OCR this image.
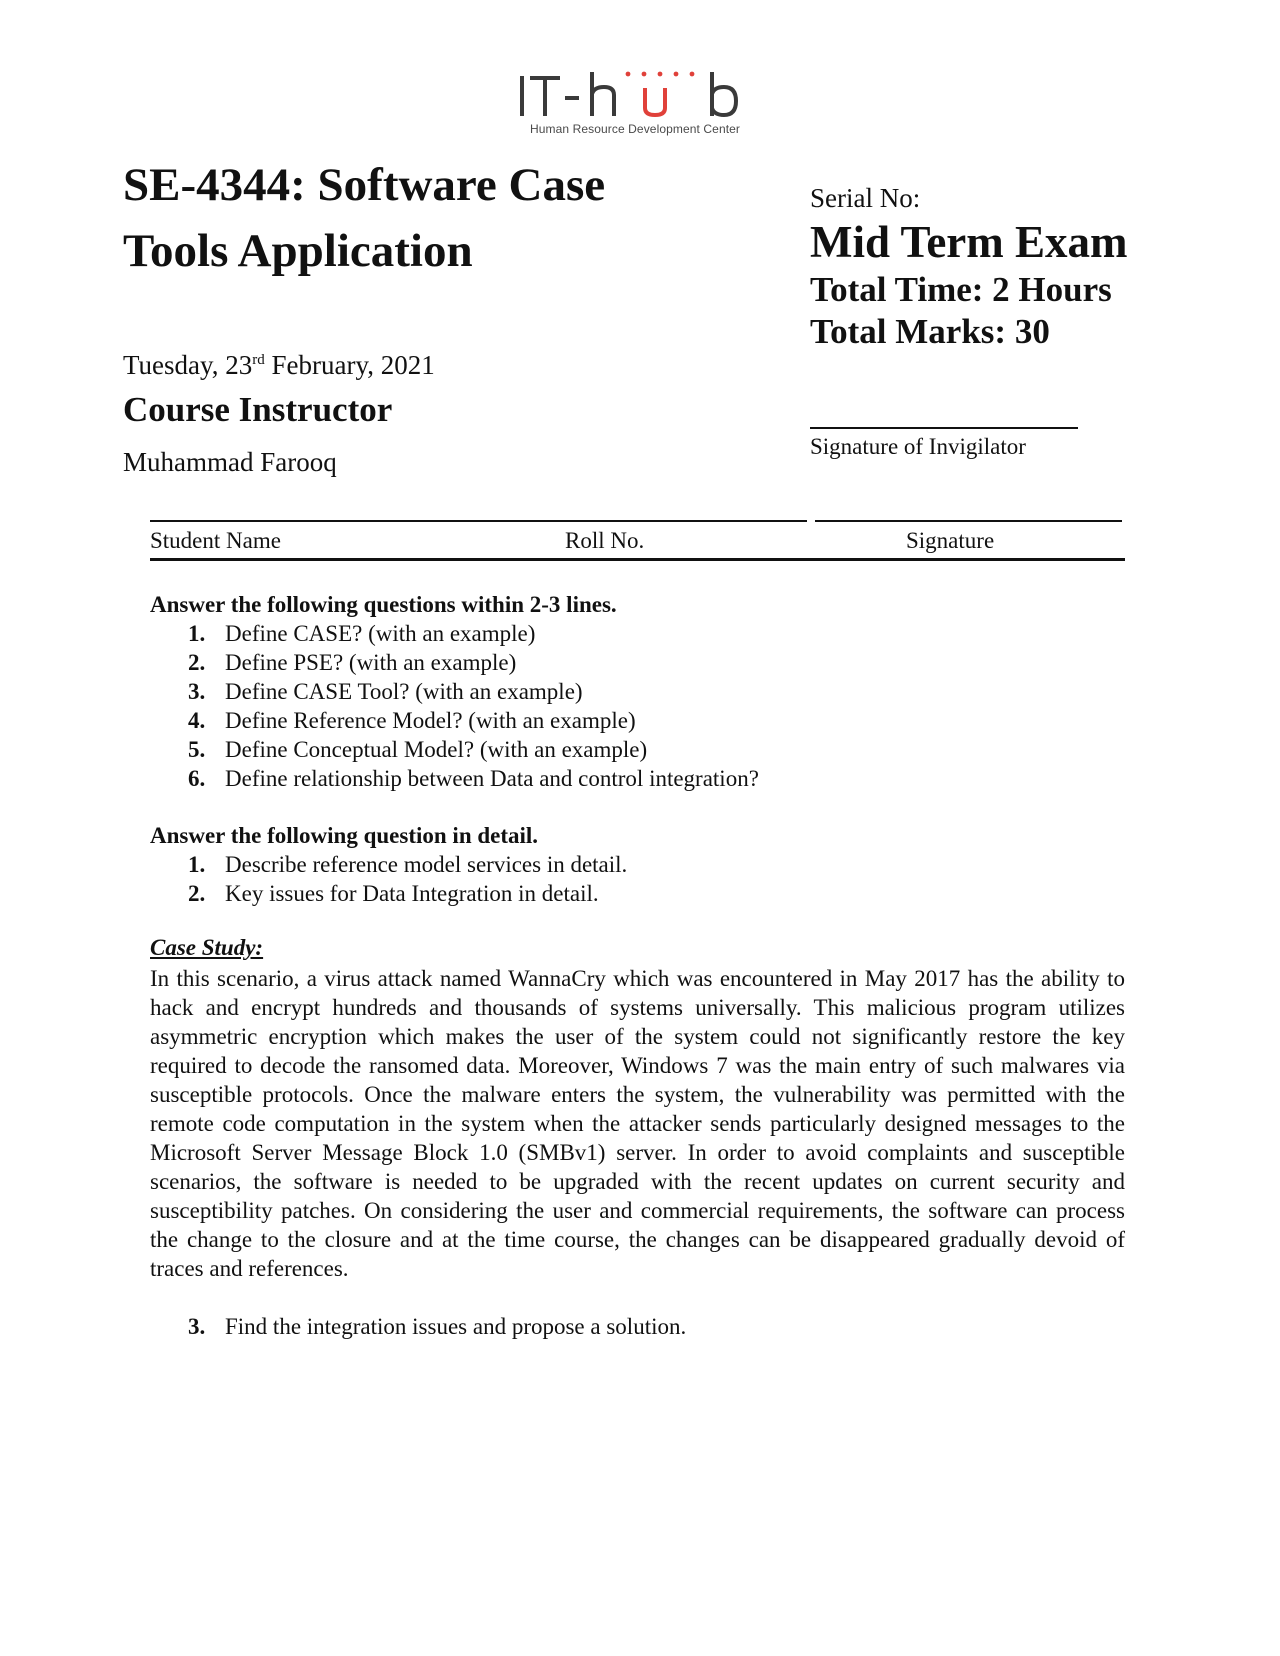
Human Resource Development Center
SE-4344: Software Case Tools Application
Tuesday, 23rd February, 2021
Course Instructor
Muhammad Farooq
Serial No:
Mid Term Exam
Total Time: 2 Hours
Total Marks: 30
Signature of Invigilator
Student Name	Roll No.	Signature
Answer the following questions within 2-3 lines.
1. Define CASE? (with an example)
2. Define PSE? (with an example)
3. Define CASE Tool? (with an example)
4. Define Reference Model? (with an example)
5. Define Conceptual Model? (with an example)
6. Define relationship between Data and control integration?
Answer the following question in detail.
1. Describe reference model services in detail.
2. Key issues for Data Integration in detail.
Case Study:

In this scenario, a virus attack named WannaCry which was encountered in May 2017 has the ability to hack and encrypt hundreds and thousands of systems universally. This malicious program utilizes asymmetric encryption which makes the user of the system could not significantly restore the key required to decode the ransomed data. Moreover, Windows 7 was the main entry of such malwares via susceptible protocols. Once the malware enters the system, the vulnerability was permitted with the remote code computation in the system when the attacker sends particularly designed messages to the Microsoft Server Message Block 1.0 (SMBv1) server. In order to avoid complaints and susceptible scenarios, the software is needed to be upgraded with the recent updates on current security and susceptibility patches. On considering the user and commercial requirements, the software can process the change to the closure and at the time course, the changes can be disappeared gradually devoid of traces and references.

3. Find the integration issues and propose a solution.
